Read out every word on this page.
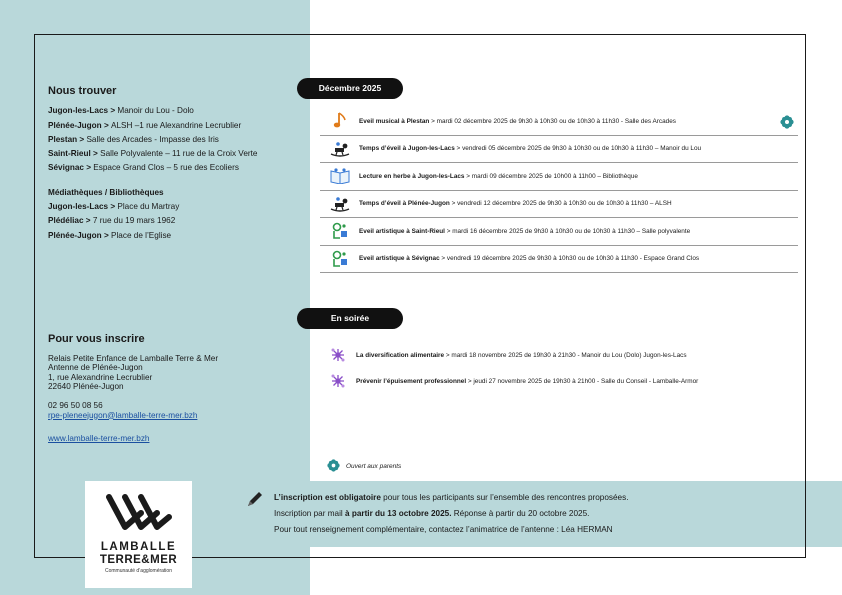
Nous trouver
Jugon-les-Lacs > Manoir du Lou - Dolo
Plénée-Jugon > ALSH –1 rue Alexandrine Lecrublier
Plestan > Salle des Arcades - Impasse des Iris
Saint-Rieul > Salle Polyvalente – 11 rue de la Croix Verte
Sévignac > Espace Grand Clos – 5 rue des Ecoliers
Médiathèques / Bibliothèques
Jugon-les-Lacs > Place du Martray
Plédéliac > 7 rue du 19 mars 1962
Plénée-Jugon > Place de l’Eglise
Pour vous inscrire
Relais Petite Enfance de Lamballe Terre & Mer
Antenne de Plénée-Jugon
1, rue Alexandrine Lecrublier
22640 Plénée-Jugon
02 96 50 08 56
rpe-pleneejugon@lamballe-terre-mer.bzh
www.lamballe-terre-mer.bzh
Décembre 2025
En soirée
Eveil musical à Plestan > mardi 02 décembre 2025 de 9h30 à 10h30 ou de 10h30 à 11h30 - Salle des Arcades
Temps d’éveil à Jugon-les-Lacs > vendredi 05 décembre 2025 de 9h30 à 10h30 ou de 10h30 à 11h30 – Manoir du Lou
Lecture en herbe à Jugon-les-Lacs > mardi 09 décembre 2025 de 10h00 à 11h00 – Bibliothèque
Temps d’éveil à Plénée-Jugon > vendredi 12 décembre 2025 de 9h30 à 10h30 ou de 10h30 à 11h30 – ALSH
Eveil artistique à Saint-Rieul > mardi 16 décembre 2025 de 9h30 à 10h30 ou de 10h30 à 11h30 – Salle polyvalente
Eveil artistique à Sévignac > vendredi 19 décembre 2025 de 9h30 à 10h30 ou de 10h30 à 11h30 - Espace Grand Clos
La diversification alimentaire > mardi 18 novembre 2025 de 19h30 à 21h30 - Manoir du Lou (Dolo) Jugon-les-Lacs
Prévenir l’épuisement professionnel > jeudi 27 novembre 2025 de 19h30 à 21h00 - Salle du Conseil - Lamballe-Armor
Ouvert aux parents
LAMBALLE
TERRE&MER
Communauté d’agglomération
L’inscription est obligatoire pour tous les participants sur l’ensemble des rencontres proposées.
Inscription par mail à partir du 13 octobre 2025. Réponse à partir du 20 octobre 2025.
Pour tout renseignement complémentaire, contactez l’animatrice de l’antenne : Léa HERMAN
